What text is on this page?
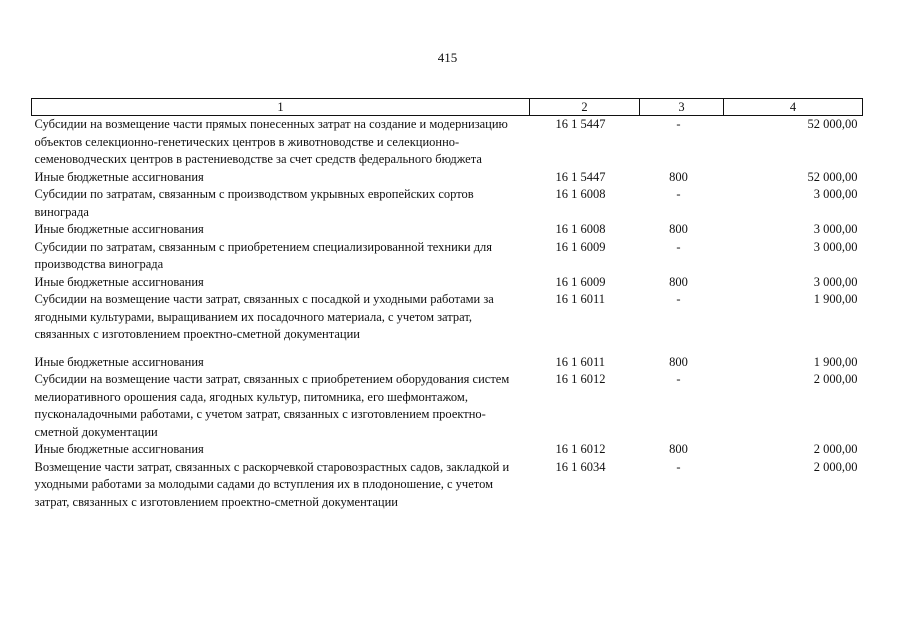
415
1	2	3	4
Субсидии на возмещение части прямых понесенных затрат на создание и модернизацию объектов селекционно-генетических центров в животноводстве и селекционно-семеноводческих центров в растениеводстве за счет средств федерального бюджета	16 1 5447	-	52 000,00
Иные бюджетные ассигнования	16 1 5447	800	52 000,00
Субсидии по затратам, связанным с производством укрывных европейских сортов винограда	16 1 6008	-	3 000,00
Иные бюджетные ассигнования	16 1 6008	800	3 000,00
Субсидии по затратам, связанным с приобретением специализированной техники для производства винограда	16 1 6009	-	3 000,00
Иные бюджетные ассигнования	16 1 6009	800	3 000,00
Субсидии на возмещение части затрат, связанных с посадкой и уходными работами за ягодными культурами, выращиванием их посадочного материала, с учетом затрат, связанных с изготовлением проектно-сметной документации	16 1 6011	-	1 900,00
Иные бюджетные ассигнования	16 1 6011	800	1 900,00
Субсидии на возмещение части затрат, связанных с приобретением оборудования систем мелиоративного орошения сада, ягодных культур, питомника, его шефмонтажом, пусконаладочными работами, с учетом затрат, связанных с изготовлением проектно-сметной документации	16 1 6012	-	2 000,00
Иные бюджетные ассигнования	16 1 6012	800	2 000,00
Возмещение части затрат, связанных с раскорчевкой старовозрастных садов, закладкой и уходными работами за молодыми садами до вступления их в плодоношение, с учетом затрат, связанных с изготовлением проектно-сметной документации	16 1 6034	-	2 000,00
